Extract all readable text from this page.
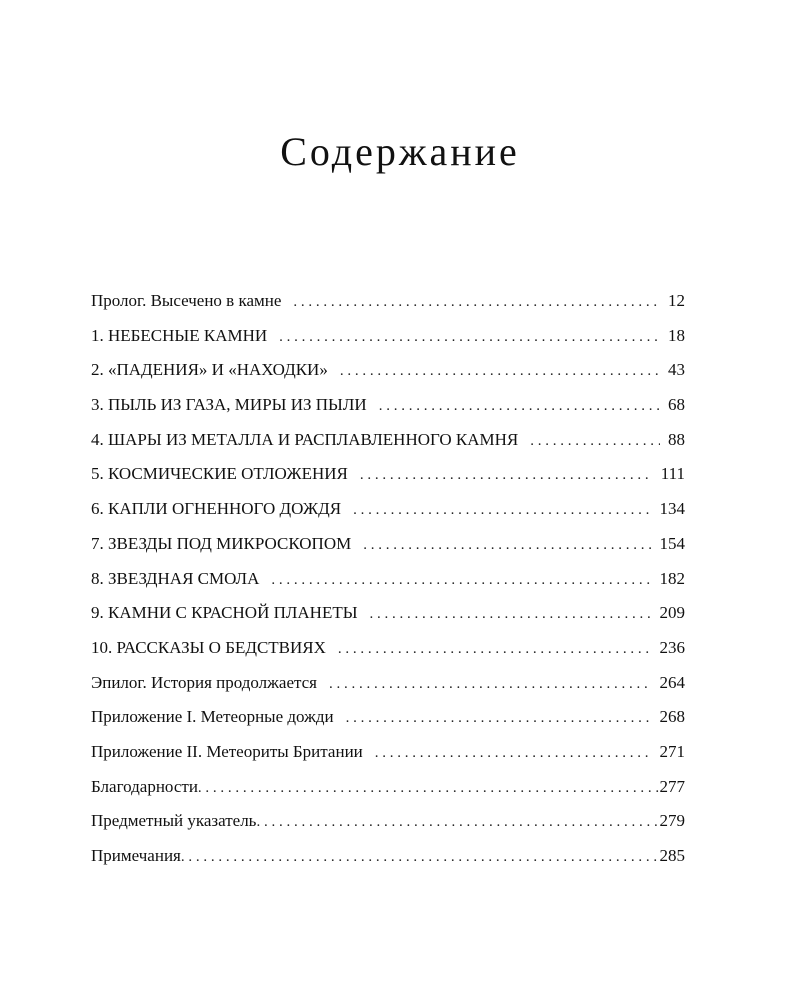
Содержание
Пролог. Высечено в камне . . .	12
1. НЕБЕСНЫЕ КАМНИ . . .	18
2. «ПАДЕНИЯ» И «НАХОДКИ» . . .	43
3. ПЫЛЬ ИЗ ГАЗА, МИРЫ ИЗ ПЫЛИ . . .	68
4. ШАРЫ ИЗ МЕТАЛЛА И РАСПЛАВЛЕННОГО КАМНЯ . . .	88
5. КОСМИЧЕСКИЕ ОТЛОЖЕНИЯ . . .	111
6. КАПЛИ ОГНЕННОГО ДОЖДЯ . . .	134
7. ЗВЕЗДЫ ПОД МИКРОСКОПОМ . . .	154
8. ЗВЕЗДНАЯ СМОЛА . . .	182
9. КАМНИ С КРАСНОЙ ПЛАНЕТЫ . . .	209
10. РАССКАЗЫ О БЕДСТВИЯХ . . .	236
Эпилог. История продолжается . . .	264
Приложение I. Метеорные дожди . . .	268
Приложение II. Метеориты Британии . . .	271
Благодарности . . .	277
Предметный указатель . . .	279
Примечания . . .	285
